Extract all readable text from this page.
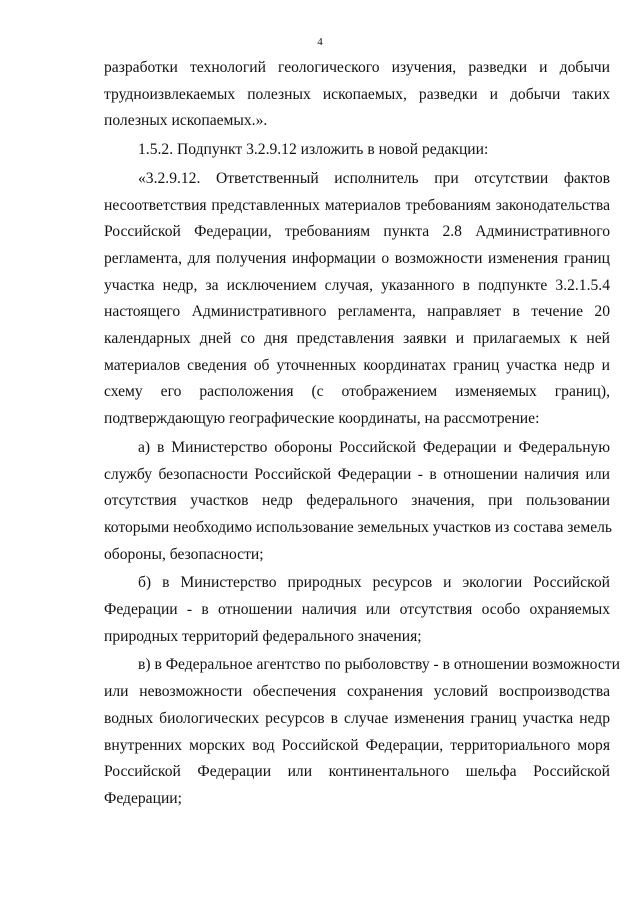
4
разработки технологий геологического изучения, разведки и добычи
трудноизвлекаемых полезных ископаемых, разведки и добычи таких
полезных ископаемых.».
1.5.2. Подпункт 3.2.9.12 изложить в новой редакции:
«3.2.9.12. Ответственный исполнитель при отсутствии фактов
несоответствия представленных материалов требованиям законодательства
Российской Федерации, требованиям пункта 2.8 Административного
регламента, для получения информации о возможности изменения границ
участка недр, за исключением случая, указанного в подпункте 3.2.1.5.4
настоящего Административного регламента, направляет в течение 20
календарных дней со дня представления заявки и прилагаемых к ней
материалов сведения об уточненных координатах границ участка недр и
схему его расположения (с отображением изменяемых границ),
подтверждающую географические координаты, на рассмотрение:
а) в Министерство обороны Российской Федерации и Федеральную
службу безопасности Российской Федерации - в отношении наличия или
отсутствия участков недр федерального значения, при пользовании
которыми необходимо использование земельных участков из состава земель
обороны, безопасности;
б) в Министерство природных ресурсов и экологии Российской
Федерации - в отношении наличия или отсутствия особо охраняемых
природных территорий федерального значения;
в) в Федеральное агентство по рыболовству - в отношении возможности
или невозможности обеспечения сохранения условий воспроизводства
водных биологических ресурсов в случае изменения границ участка недр
внутренних морских вод Российской Федерации, территориального моря
Российской Федерации или континентального шельфа Российской
Федерации;
